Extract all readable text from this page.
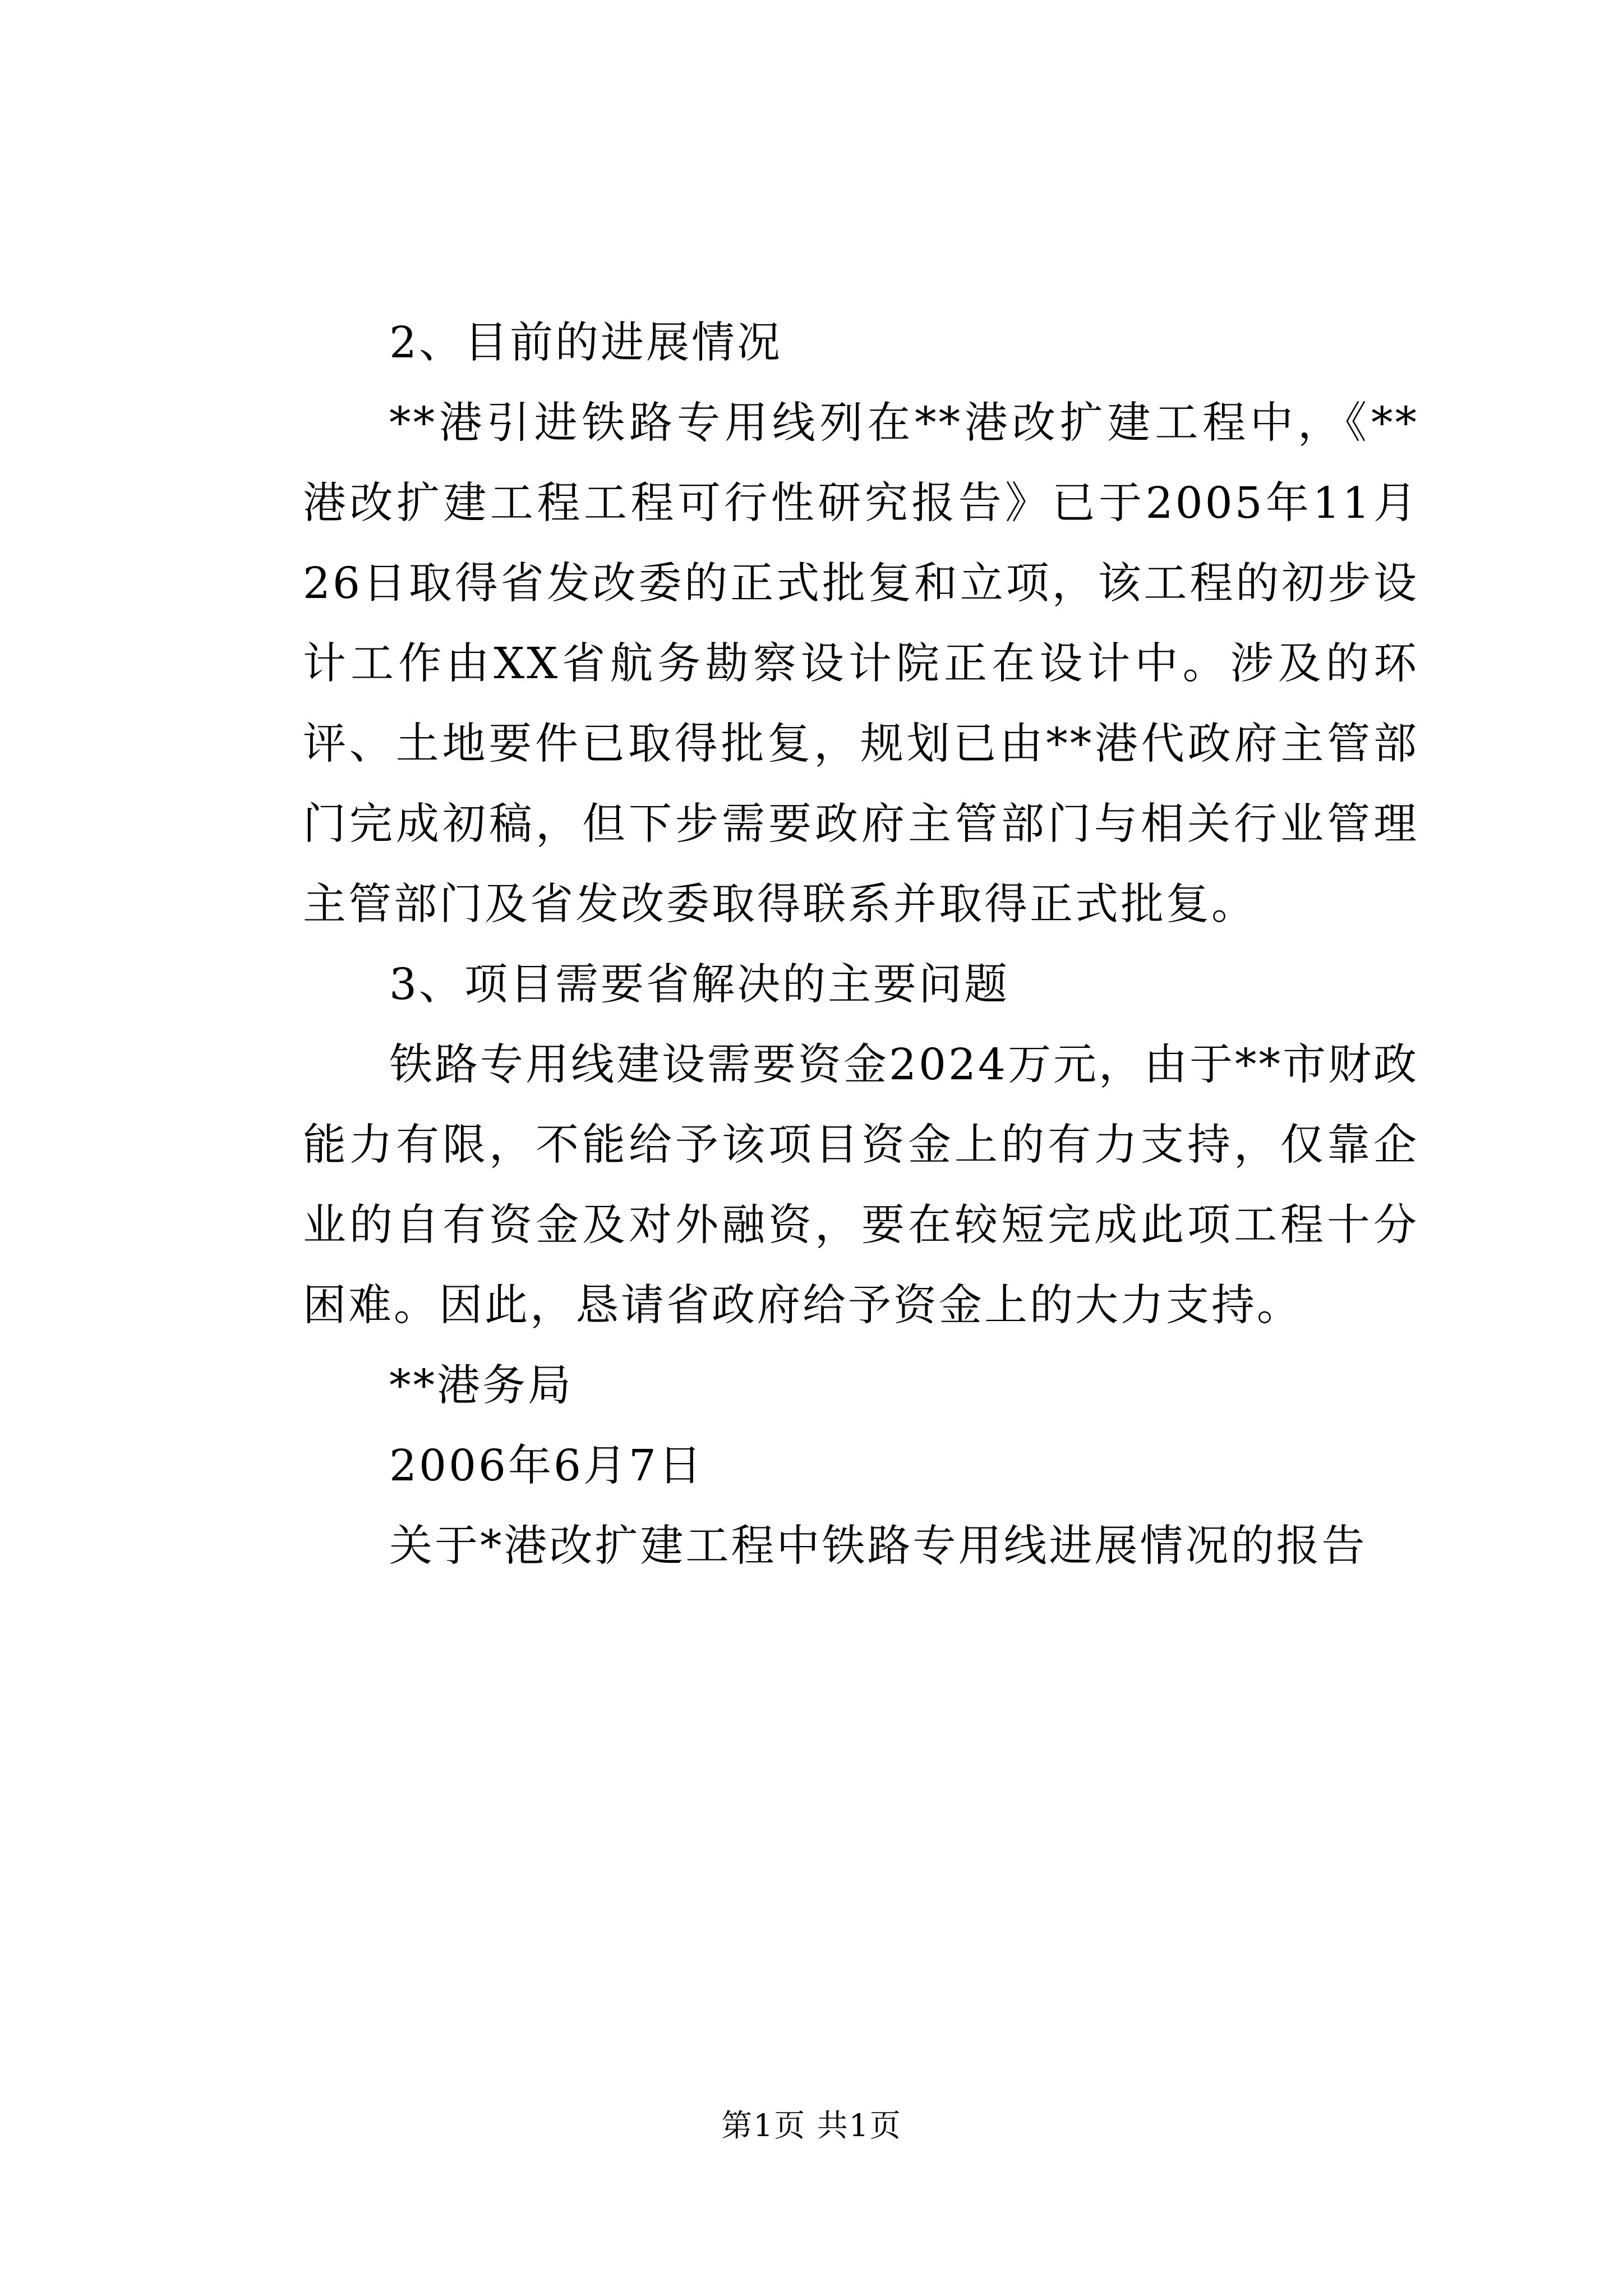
2、目前的进展情况

**港引进铁路专用线列在**港改扩建工程中，《**港改扩建工程工程可行性研究报告》已于2005年11月26日取得省发改委的正式批复和立项，该工程的初步设计工作由XX省航务勘察设计院正在设计中。涉及的环评、土地要件已取得批复，规划已由**港代政府主管部门完成初稿，但下步需要政府主管部门与相关行业管理主管部门及省发改委取得联系并取得正式批复。

3、项目需要省解决的主要问题

铁路专用线建设需要资金2024万元，由于**市财政能力有限，不能给予该项目资金上的有力支持，仅靠企业的自有资金及对外融资，要在较短完成此项工程十分困难。因此，恳请省政府给予资金上的大力支持。

**港务局

2006年6月7日

关于*港改扩建工程中铁路专用线进展情况的报告

第1页 共1页
